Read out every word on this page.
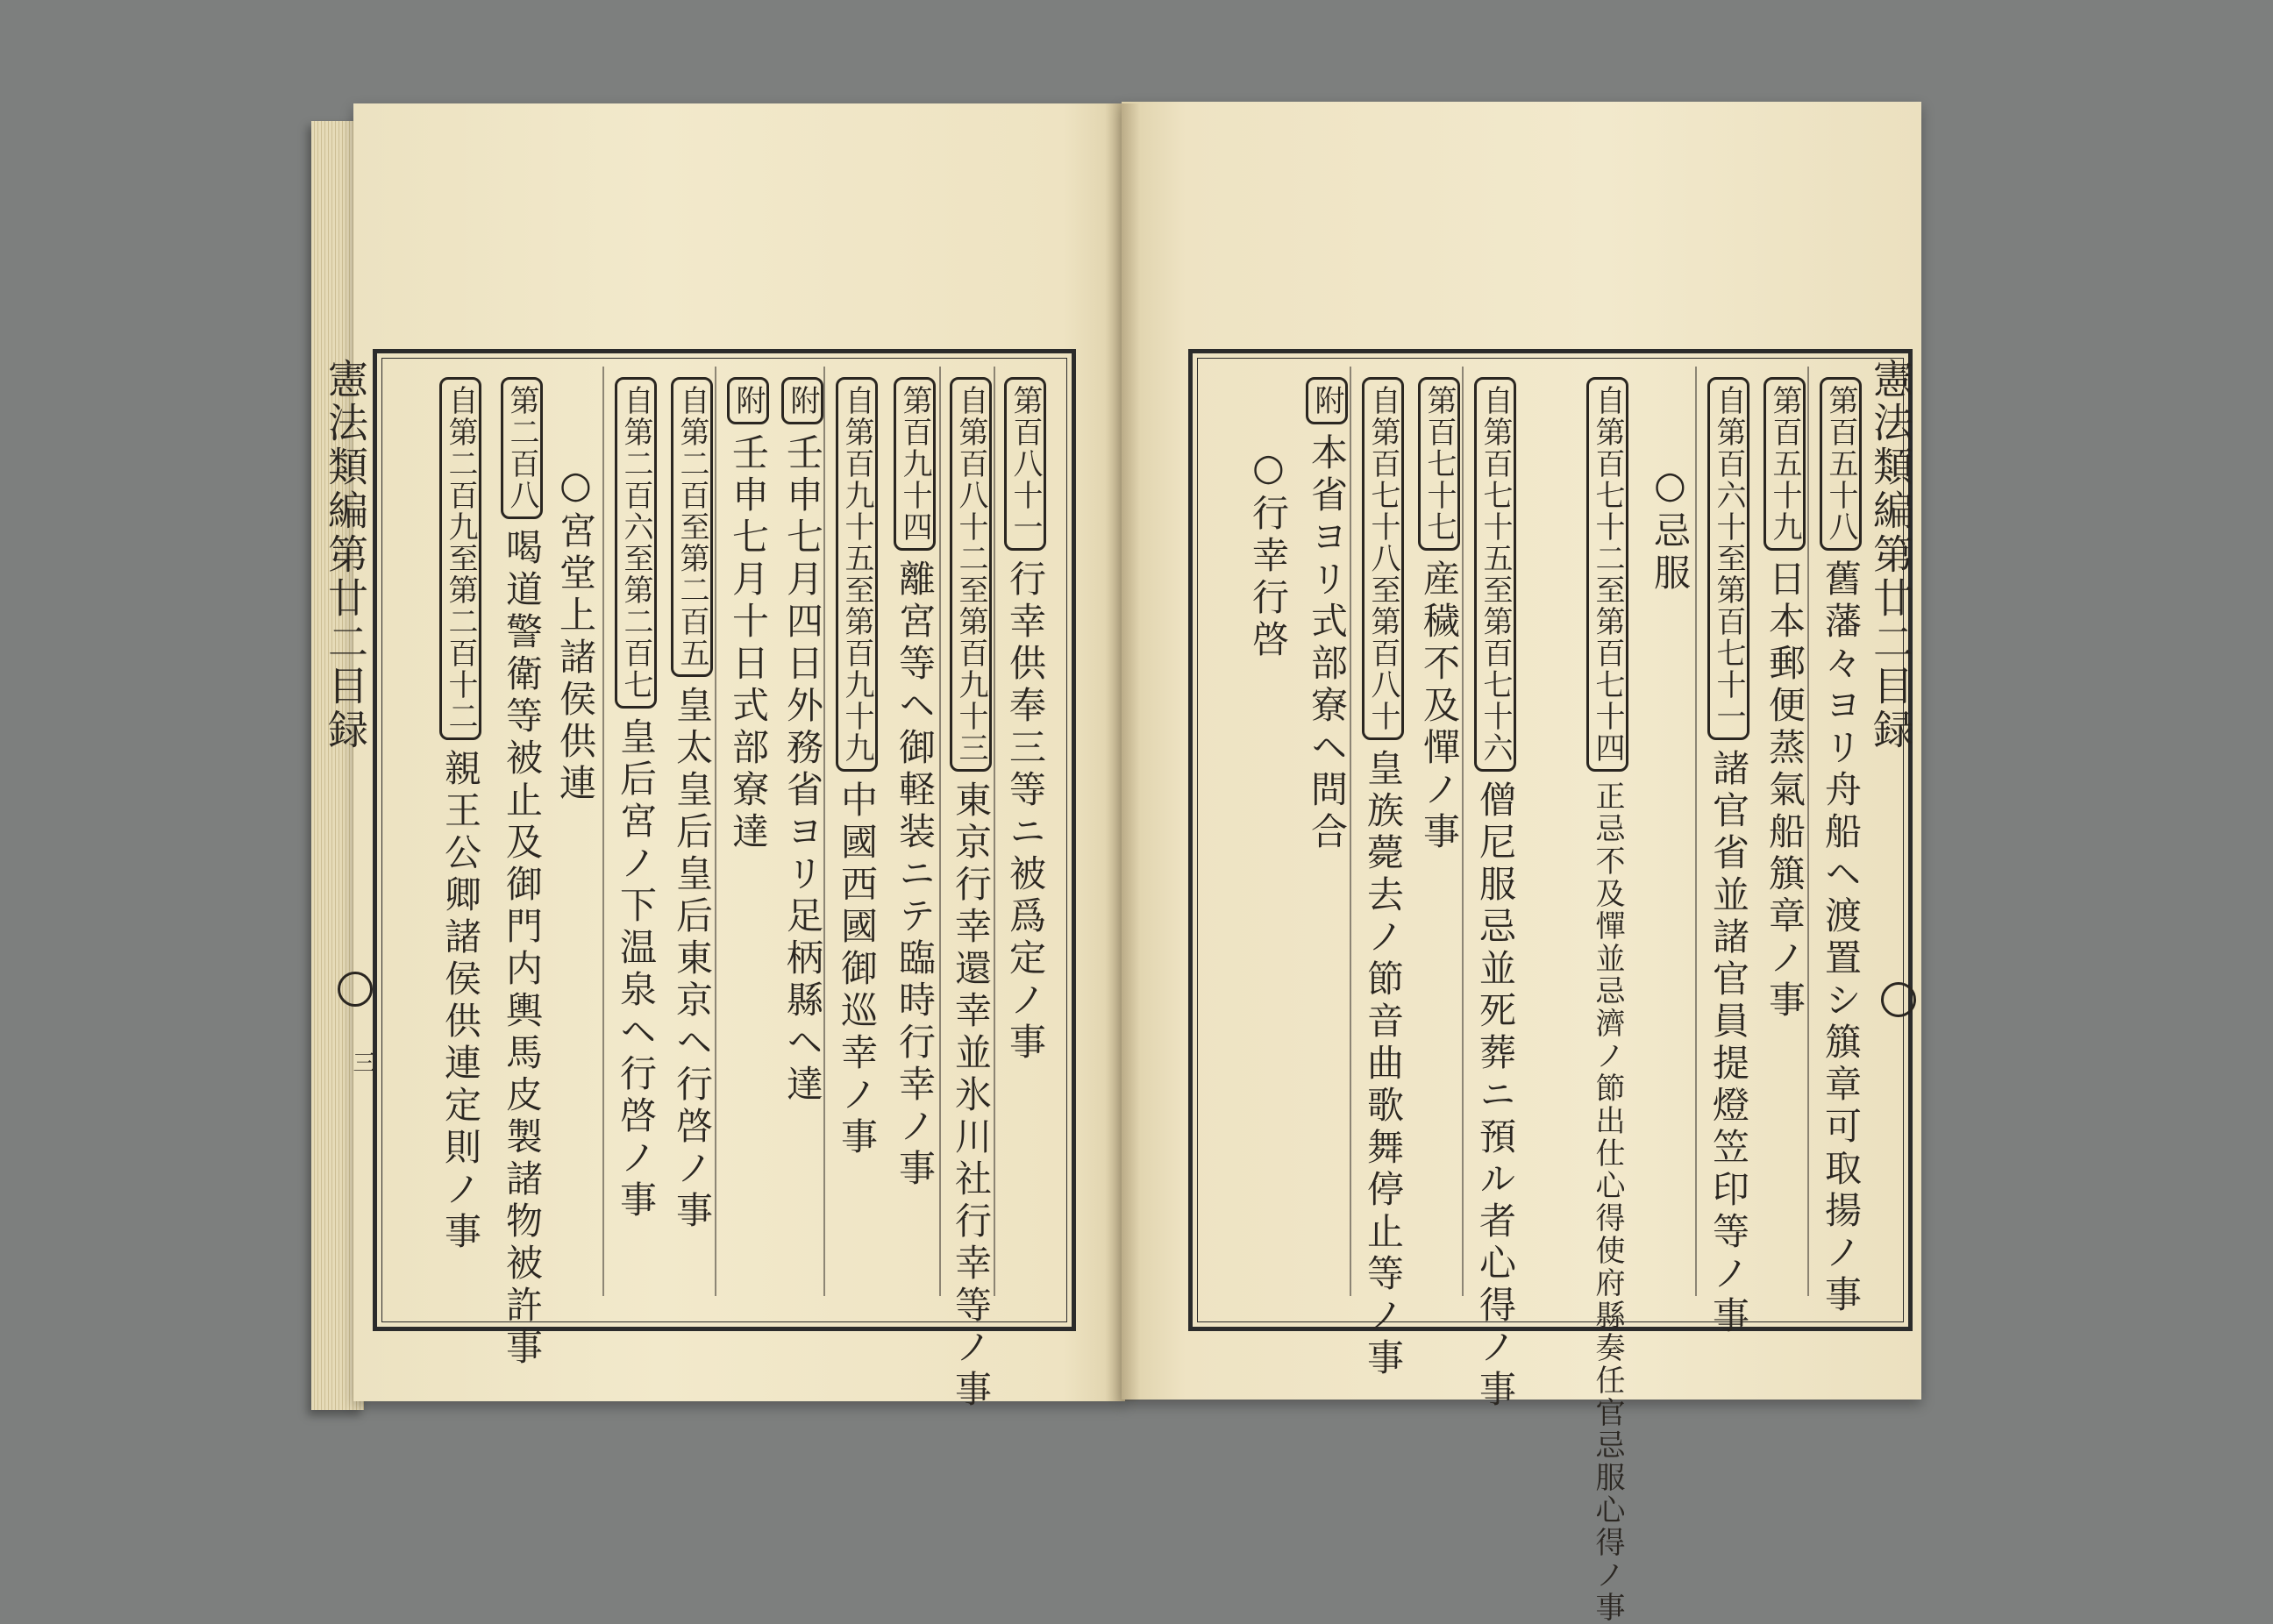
憲法類編第廿二目録
三
第百八十一行幸供奉三等ニ被爲定ノ事
自第百八十二至第百九十三東京行幸還幸並氷川社行幸等ノ事
第百九十四離宮等ヘ御軽装ニテ臨時行幸ノ事
自第百九十五至第百九十九中國西國御巡幸ノ事
附壬申七月四日外務省ヨリ足柄縣ヘ達
附壬申七月十日式部寮達
自第二百至第二百五皇太皇后皇后東京ヘ行啓ノ事
自第二百六至第二百七皇后宮ノ下温泉ヘ行啓ノ事
○宮堂上諸侯供連
第二百八喝道警衛等被止及御門内輿馬皮製諸物被許事
自第二百九至第二百十二親王公卿諸侯供連定則ノ事
憲法類編第廿二目録
第百五十八舊藩々ヨリ舟船ヘ渡置シ簱章可取揚ノ事
第百五十九日本郵便蒸氣船簱章ノ事
自第百六十至第百七十一諸官省並諸官員提燈笠印等ノ事
○忌服
自第百七十二至第百七十四正忌不及憚並忌濟ノ節出仕心得使府縣奏任官忌服心得ノ事
自第百七十五至第百七十六僧尼服忌並死葬ニ預ル者心得ノ事
第百七十七産穢不及憚ノ事
自第百七十八至第百八十皇族薨去ノ節音曲歌舞停止等ノ事
附本省ヨリ式部寮ヘ問合
○行幸行啓
